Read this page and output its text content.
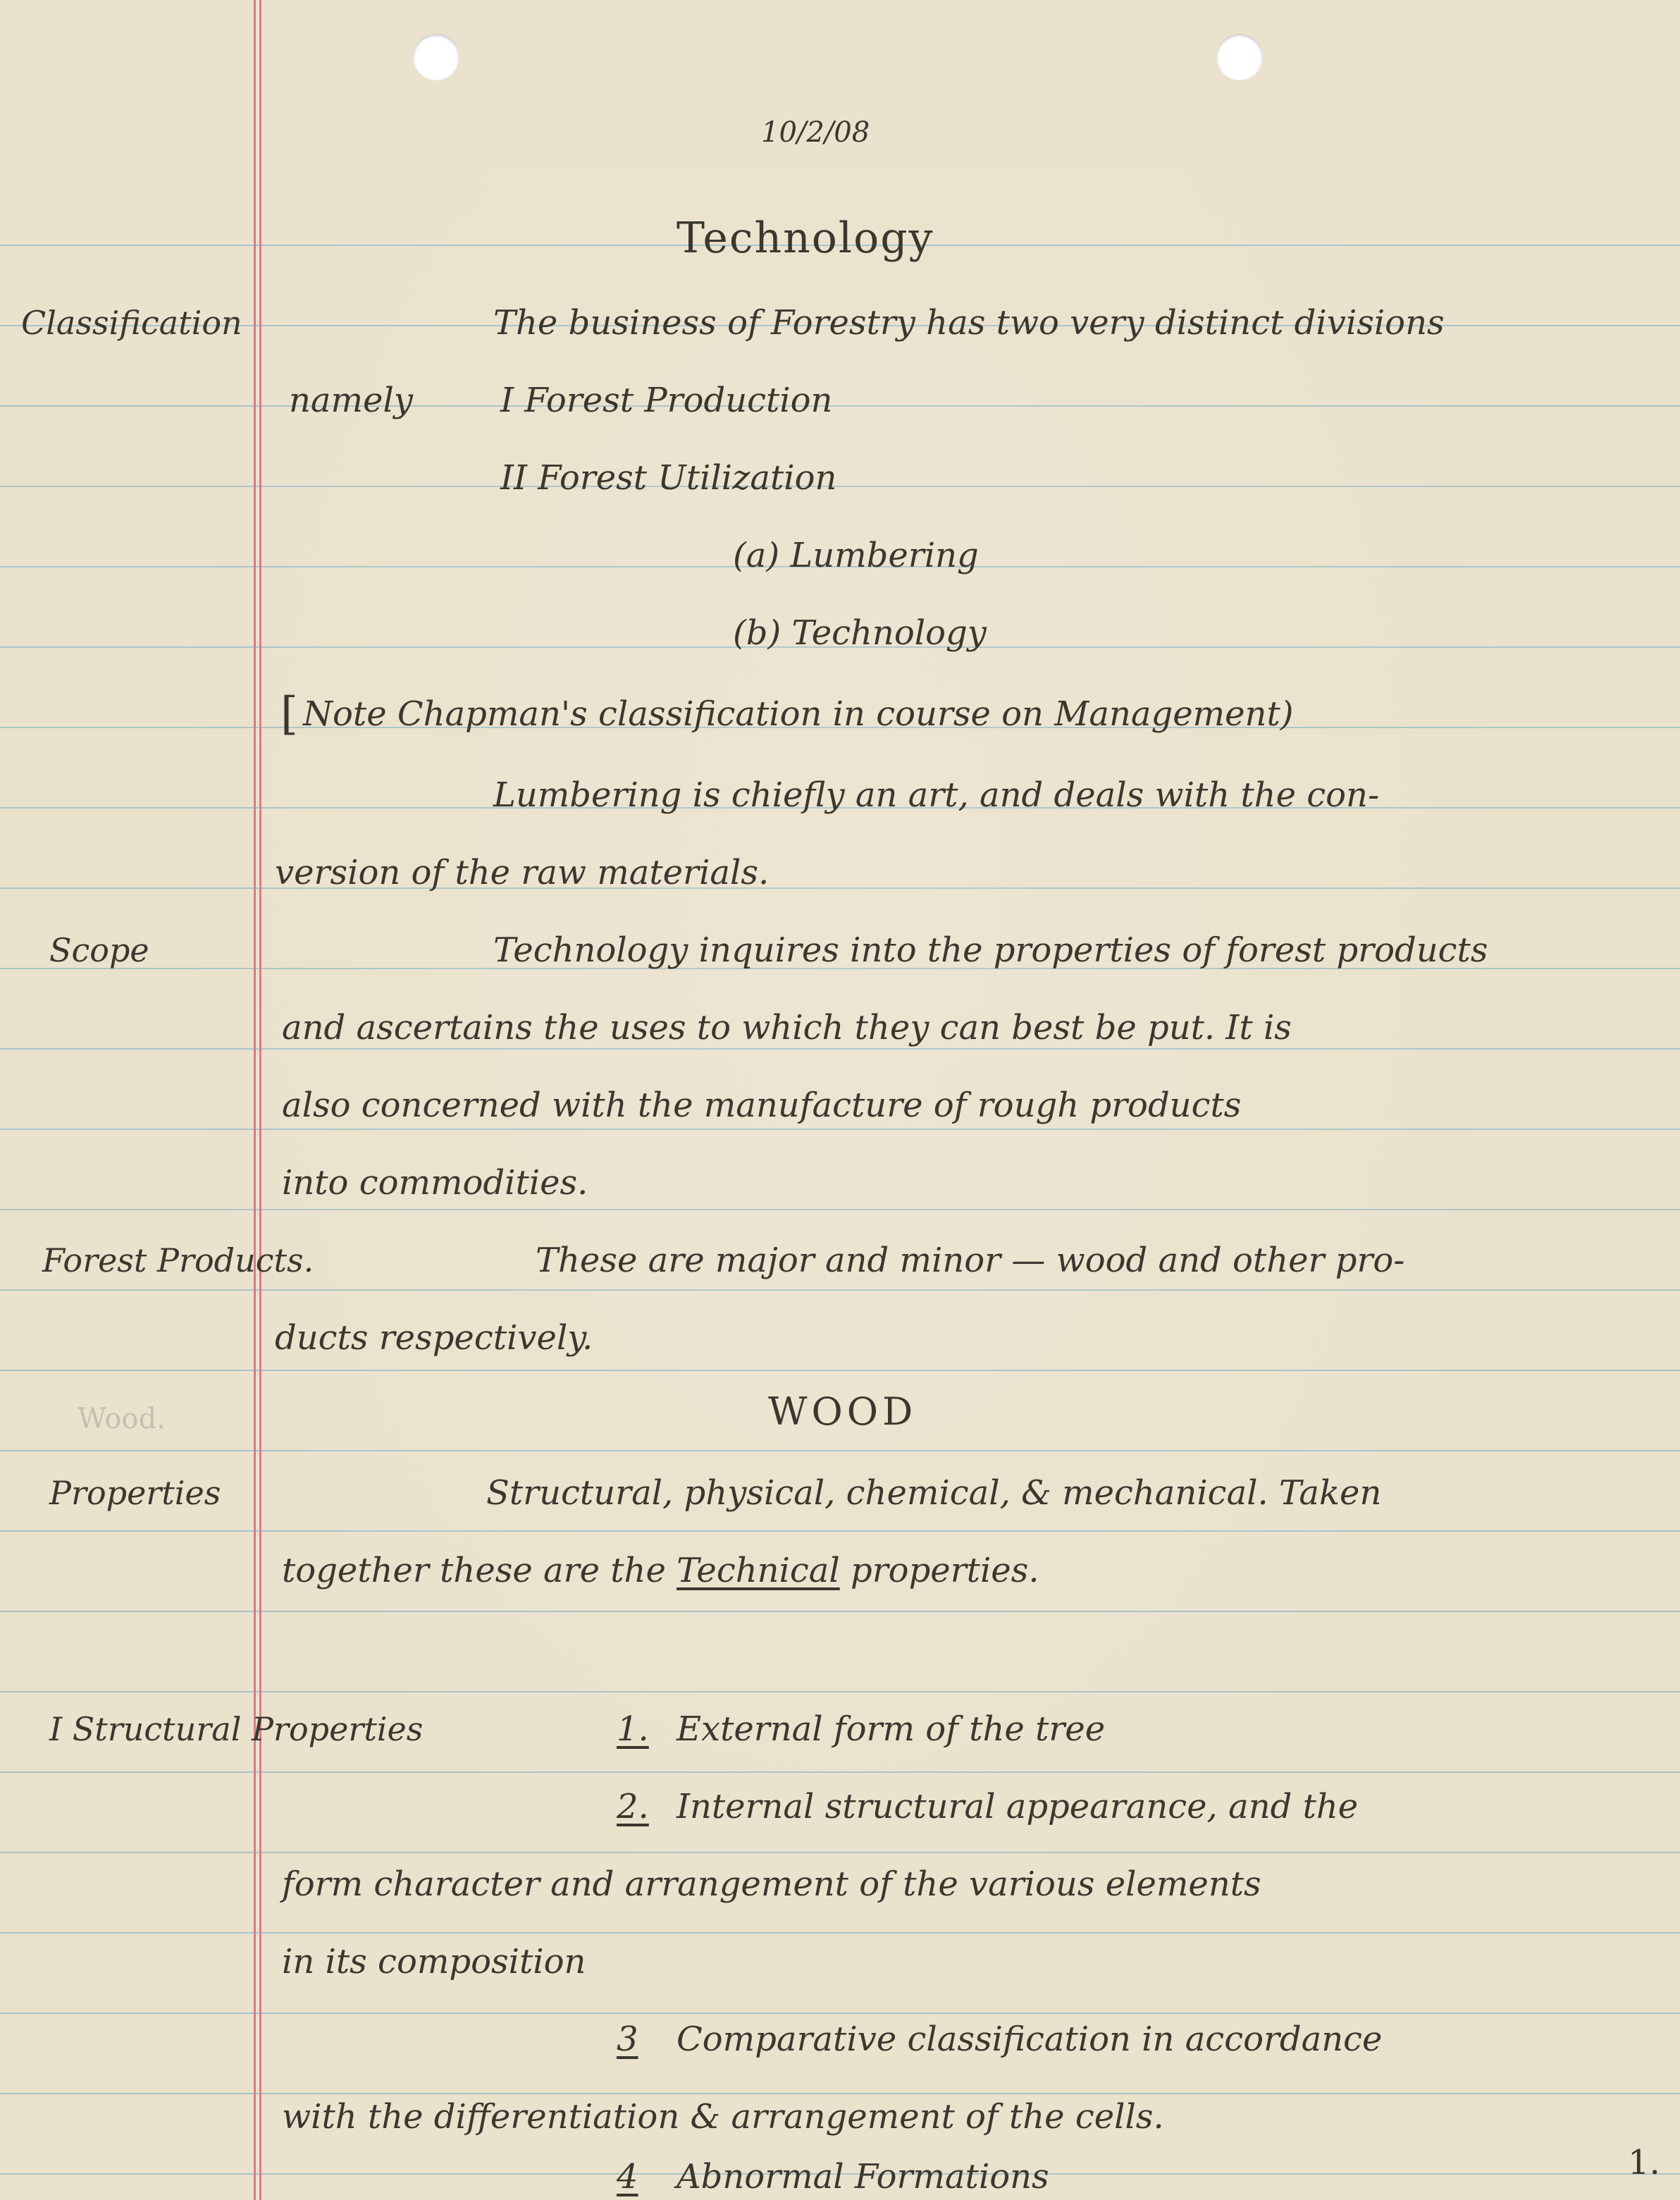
10/2/08
Technology
Classification
Scope
Forest Products.
Wood.
Properties
I Structural Properties
The business of Forestry has two very distinct divisions
namely	I Forest Production
II Forest Utilization
(a) Lumbering
(b) Technology
[ Note Chapman's classification in course on Management)
Lumbering is chiefly an art, and deals with the con-
version of the raw materials.
Technology inquires into the properties of forest products
and ascertains the uses to which they can best be put. It is
also concerned with the manufacture of rough products
into commodities.
These are major and minor — wood and other pro-
ducts respectively.
WOOD
Structural, physical, chemical, & mechanical. Taken
together these are the Technical properties.
1. External form of the tree
2. Internal structural appearance, and the
form character and arrangement of the various elements
in its composition
3 Comparative classification in accordance
with the differentiation & arrangement of the cells.
4 Abnormal Formations	1.
